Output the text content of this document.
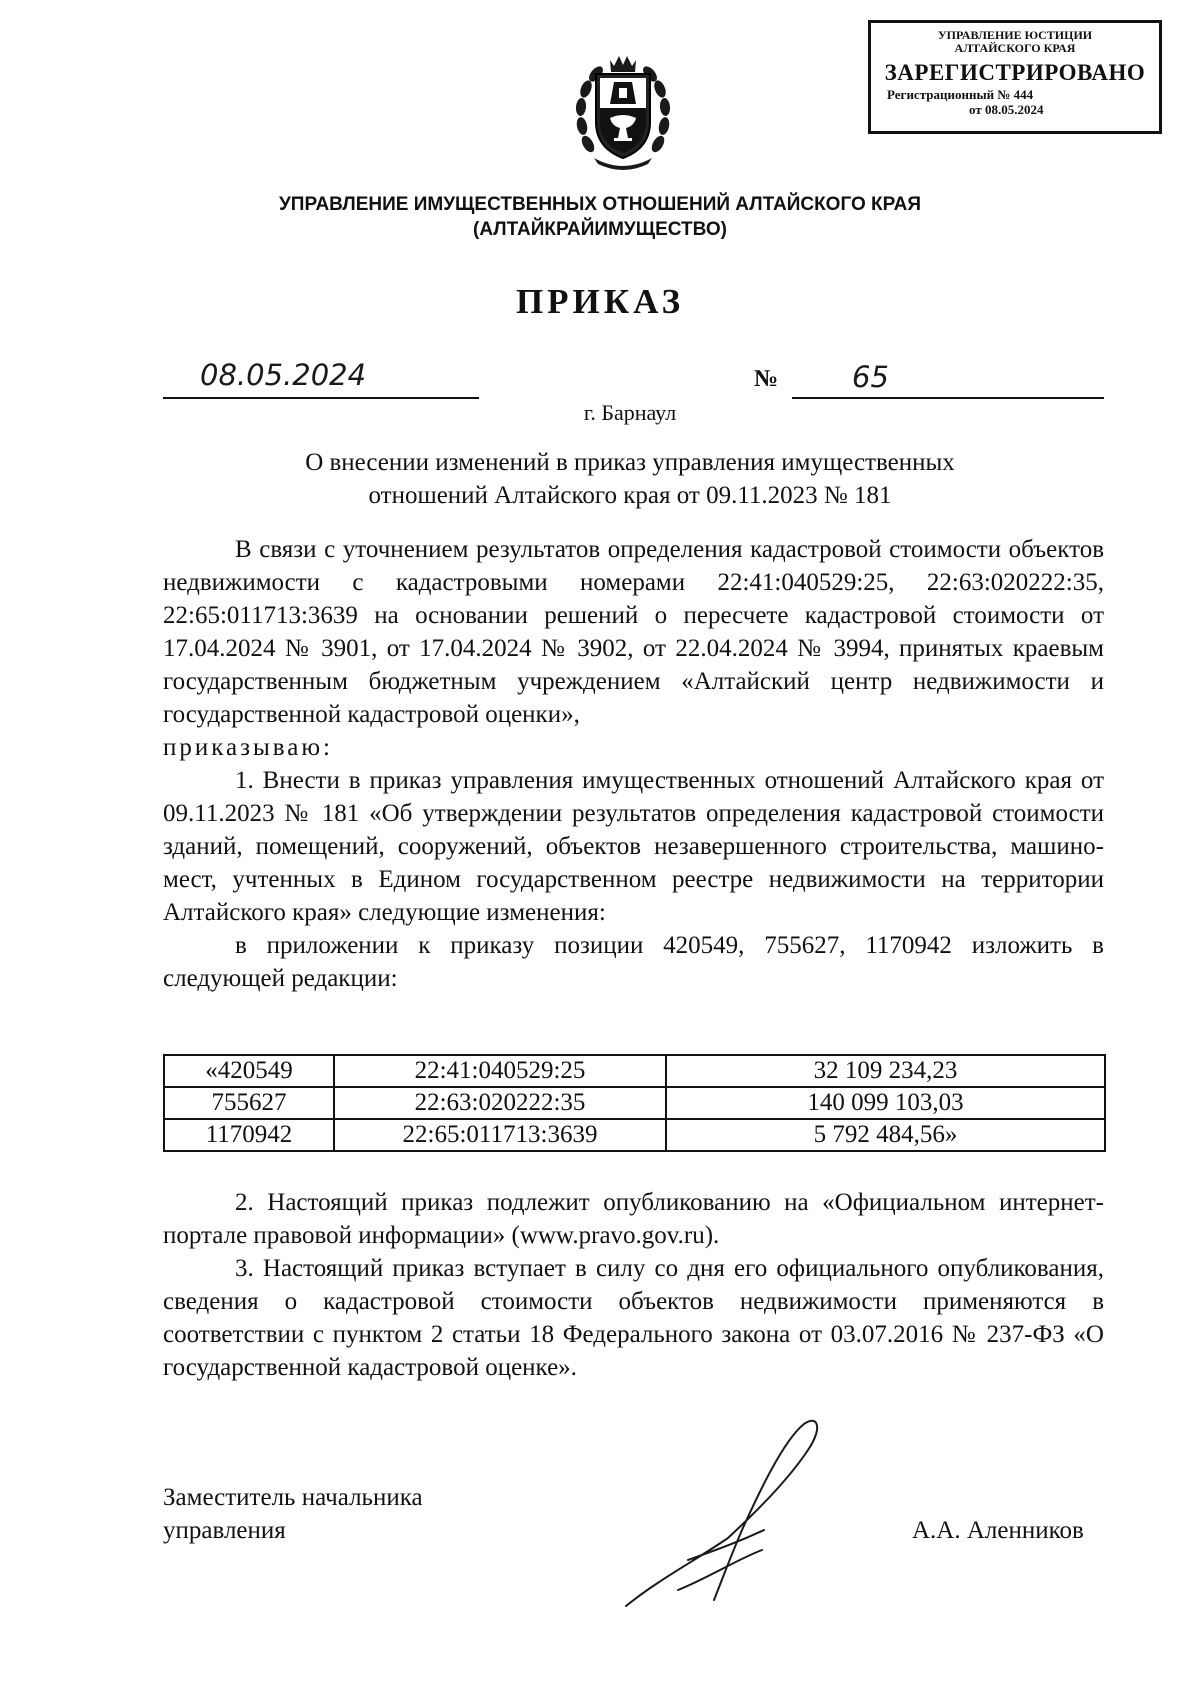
УПРАВЛЕНИЕ ЮСТИЦИИ
АЛТАЙСКОГО КРАЯ
ЗАРЕГИСТРИРОВАНО
Регистрационный № 444
от 08.05.2024
УПРАВЛЕНИЕ ИМУЩЕСТВЕННЫХ ОТНОШЕНИЙ АЛТАЙСКОГО КРАЯ
(АЛТАЙКРАЙИМУЩЕСТВО)
ПРИКАЗ
08.05.2024	№	65
г. Барнаул
О внесении изменений в приказ управления имущественных
отношений Алтайского края от 09.11.2023 № 181

В связи с уточнением результатов определения кадастровой стоимости объектов недвижимости с кадастровыми номерами 22:41:040529:25, 22:63:020222:35, 22:65:011713:3639 на основании решений о пересчете кадастровой стоимости от 17.04.2024 № 3901, от 17.04.2024 № 3902, от 22.04.2024 № 3994, принятых краевым государственным бюджетным учреждением «Алтайский центр недвижимости и государственной кадастровой оценки»,

приказываю:

1. Внести в приказ управления имущественных отношений Алтайского края от 09.11.2023 № 181 «Об утверждении результатов определения кадастровой стоимости зданий, помещений, сооружений, объектов незавершенного строительства, машино-мест, учтенных в Едином государственном реестре недвижимости на территории Алтайского края» следующие изменения:

в приложении к приказу позиции 420549, 755627, 1170942 изложить в следующей редакции:

«420549	22:41:040529:25	32 109 234,23
755627	22:63:020222:35	140 099 103,03
1170942	22:65:011713:3639	5 792 484,56»

2. Настоящий приказ подлежит опубликованию на «Официальном интернет-портале правовой информации» (www.pravo.gov.ru).

3. Настоящий приказ вступает в силу со дня его официального опубликования, сведения о кадастровой стоимости объектов недвижимости применяются в соответствии с пунктом 2 статьи 18 Федерального закона от 03.07.2016 № 237-ФЗ «О государственной кадастровой оценке».

Заместитель начальника
управления	А.А. Аленников
